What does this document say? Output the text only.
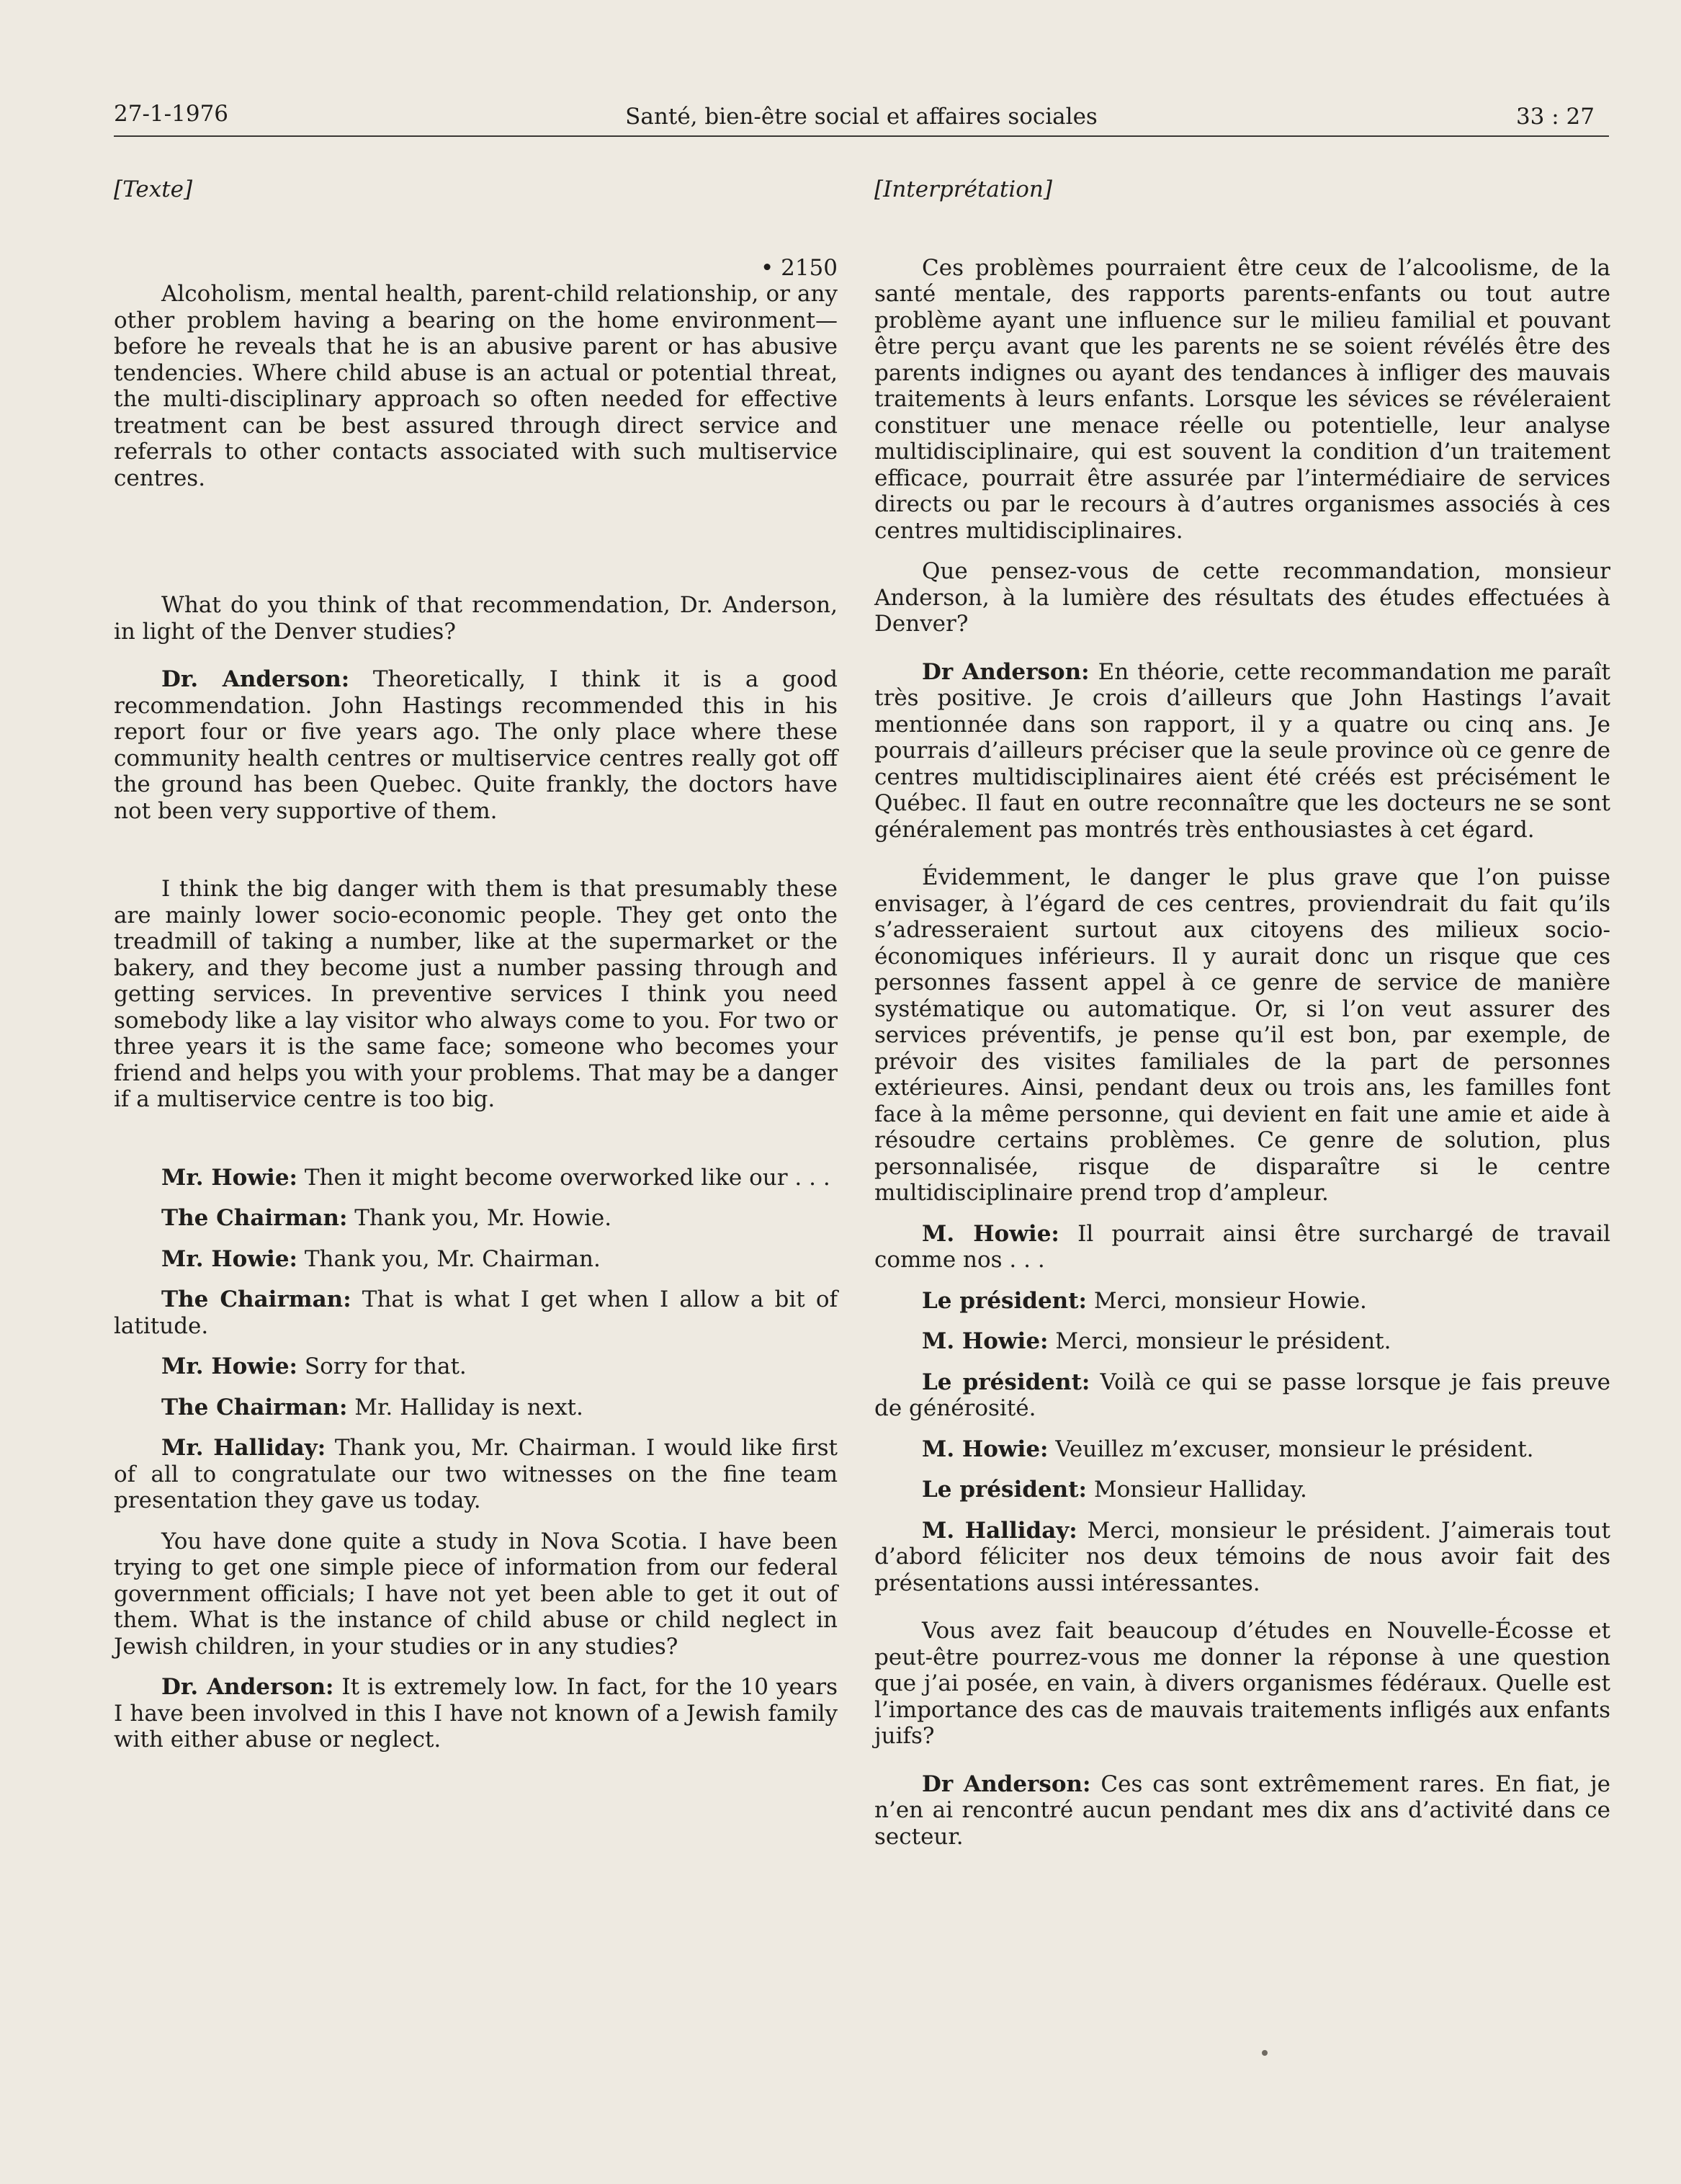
27-1-1976	Santé, bien-être social et affaires sociales	33 : 27

[Texte]

• 2150

Alcoholism, mental health, parent-child relationship, or any other problem having a bearing on the home environment—before he reveals that he is an abusive parent or has abusive tendencies. Where child abuse is an actual or potential threat, the multi-disciplinary approach so often needed for effective treatment can be best assured through direct service and referrals to other contacts associated with such multiservice centres.

What do you think of that recommendation, Dr. Anderson, in light of the Denver studies?

Dr. Anderson: Theoretically, I think it is a good recommendation. John Hastings recommended this in his report four or five years ago. The only place where these community health centres or multiservice centres really got off the ground has been Quebec. Quite frankly, the doctors have not been very supportive of them.

I think the big danger with them is that presumably these are mainly lower socio-economic people. They get onto the treadmill of taking a number, like at the supermarket or the bakery, and they become just a number passing through and getting services. In preventive services I think you need somebody like a lay visitor who always come to you. For two or three years it is the same face; someone who becomes your friend and helps you with your problems. That may be a danger if a multiservice centre is too big.

Mr. Howie: Then it might become overworked like our . . .

The Chairman: Thank you, Mr. Howie.

Mr. Howie: Thank you, Mr. Chairman.

The Chairman: That is what I get when I allow a bit of latitude.

Mr. Howie: Sorry for that.

The Chairman: Mr. Halliday is next.

Mr. Halliday: Thank you, Mr. Chairman. I would like first of all to congratulate our two witnesses on the fine team presentation they gave us today.

You have done quite a study in Nova Scotia. I have been trying to get one simple piece of information from our federal government officials; I have not yet been able to get it out of them. What is the instance of child abuse or child neglect in Jewish children, in your studies or in any studies?

Dr. Anderson: It is extremely low. In fact, for the 10 years I have been involved in this I have not known of a Jewish family with either abuse or neglect.

[Interprétation]

Ces problèmes pourraient être ceux de l’alcoolisme, de la santé mentale, des rapports parents-enfants ou tout autre problème ayant une influence sur le milieu familial et pouvant être perçu avant que les parents ne se soient révélés être des parents indignes ou ayant des tendances à infliger des mauvais traitements à leurs enfants. Lorsque les sévices se révéleraient constituer une menace réelle ou potentielle, leur analyse multidisciplinaire, qui est souvent la condition d’un traitement efficace, pourrait être assurée par l’intermédiaire de services directs ou par le recours à d’autres organismes associés à ces centres multidisciplinaires.

Que pensez-vous de cette recommandation, monsieur Anderson, à la lumière des résultats des études effectuées à Denver?

Dr Anderson: En théorie, cette recommandation me paraît très positive. Je crois d’ailleurs que John Hastings l’avait mentionnée dans son rapport, il y a quatre ou cinq ans. Je pourrais d’ailleurs préciser que la seule province où ce genre de centres multidisciplinaires aient été créés est précisément le Québec. Il faut en outre reconnaître que les docteurs ne se sont généralement pas montrés très enthousiastes à cet égard.

Évidemment, le danger le plus grave que l’on puisse envisager, à l’égard de ces centres, proviendrait du fait qu’ils s’adresseraient surtout aux citoyens des milieux socio-économiques inférieurs. Il y aurait donc un risque que ces personnes fassent appel à ce genre de service de manière systématique ou automatique. Or, si l’on veut assurer des services préventifs, je pense qu’il est bon, par exemple, de prévoir des visites familiales de la part de personnes extérieures. Ainsi, pendant deux ou trois ans, les familles font face à la même personne, qui devient en fait une amie et aide à résoudre certains problèmes. Ce genre de solution, plus personnalisée, risque de disparaître si le centre multidisciplinaire prend trop d’ampleur.

M. Howie: Il pourrait ainsi être surchargé de travail comme nos . . .

Le président: Merci, monsieur Howie.

M. Howie: Merci, monsieur le président.

Le président: Voilà ce qui se passe lorsque je fais preuve de générosité.

M. Howie: Veuillez m’excuser, monsieur le président.

Le président: Monsieur Halliday.

M. Halliday: Merci, monsieur le président. J’aimerais tout d’abord féliciter nos deux témoins de nous avoir fait des présentations aussi intéressantes.

Vous avez fait beaucoup d’études en Nouvelle-Écosse et peut-être pourrez-vous me donner la réponse à une question que j’ai posée, en vain, à divers organismes fédéraux. Quelle est l’importance des cas de mauvais traitements infligés aux enfants juifs?

Dr Anderson: Ces cas sont extrêmement rares. En fiat, je n’en ai rencontré aucun pendant mes dix ans d’activité dans ce secteur.
